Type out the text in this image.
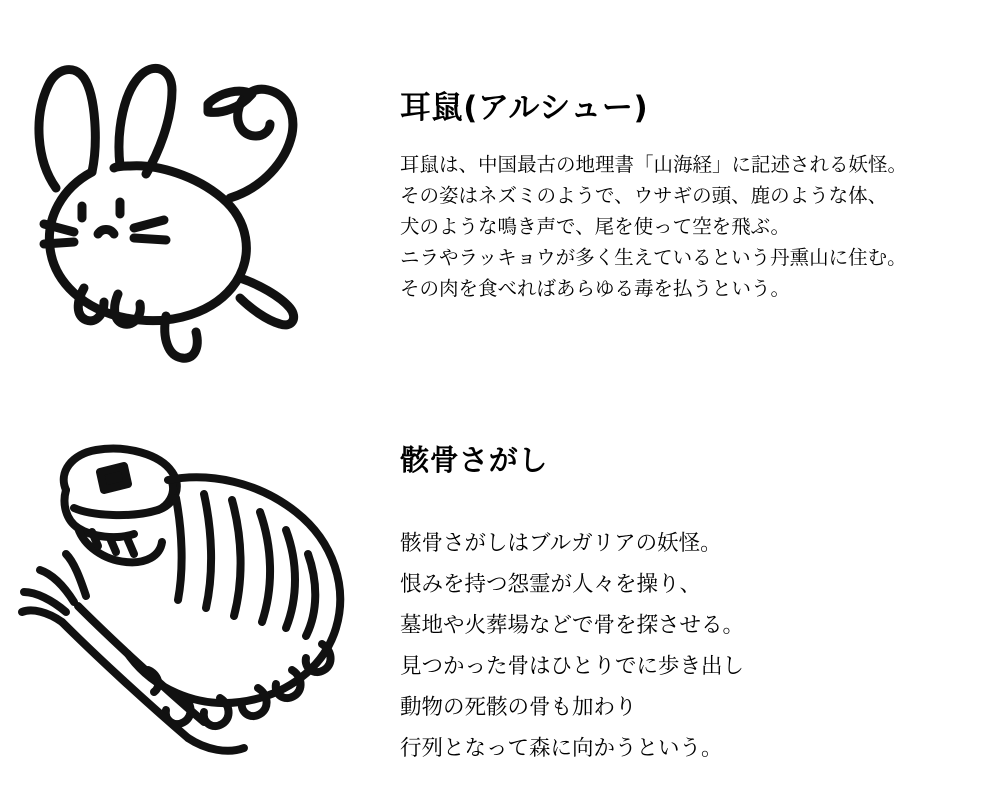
耳鼠(アルシュー)
耳鼠は、中国最古の地理書「山海経」に記述される妖怪。
その姿はネズミのようで、ウサギの頭、鹿のような体、
犬のような鳴き声で、尾を使って空を飛ぶ。
ニラやラッキョウが多く生えているという丹熏山に住む。
その肉を食べればあらゆる毒を払うという。
骸骨さがし
骸骨さがしはブルガリアの妖怪。
恨みを持つ怨霊が人々を操り、
墓地や火葬場などで骨を探させる。
見つかった骨はひとりでに歩き出し
動物の死骸の骨も加わり
行列となって森に向かうという。
